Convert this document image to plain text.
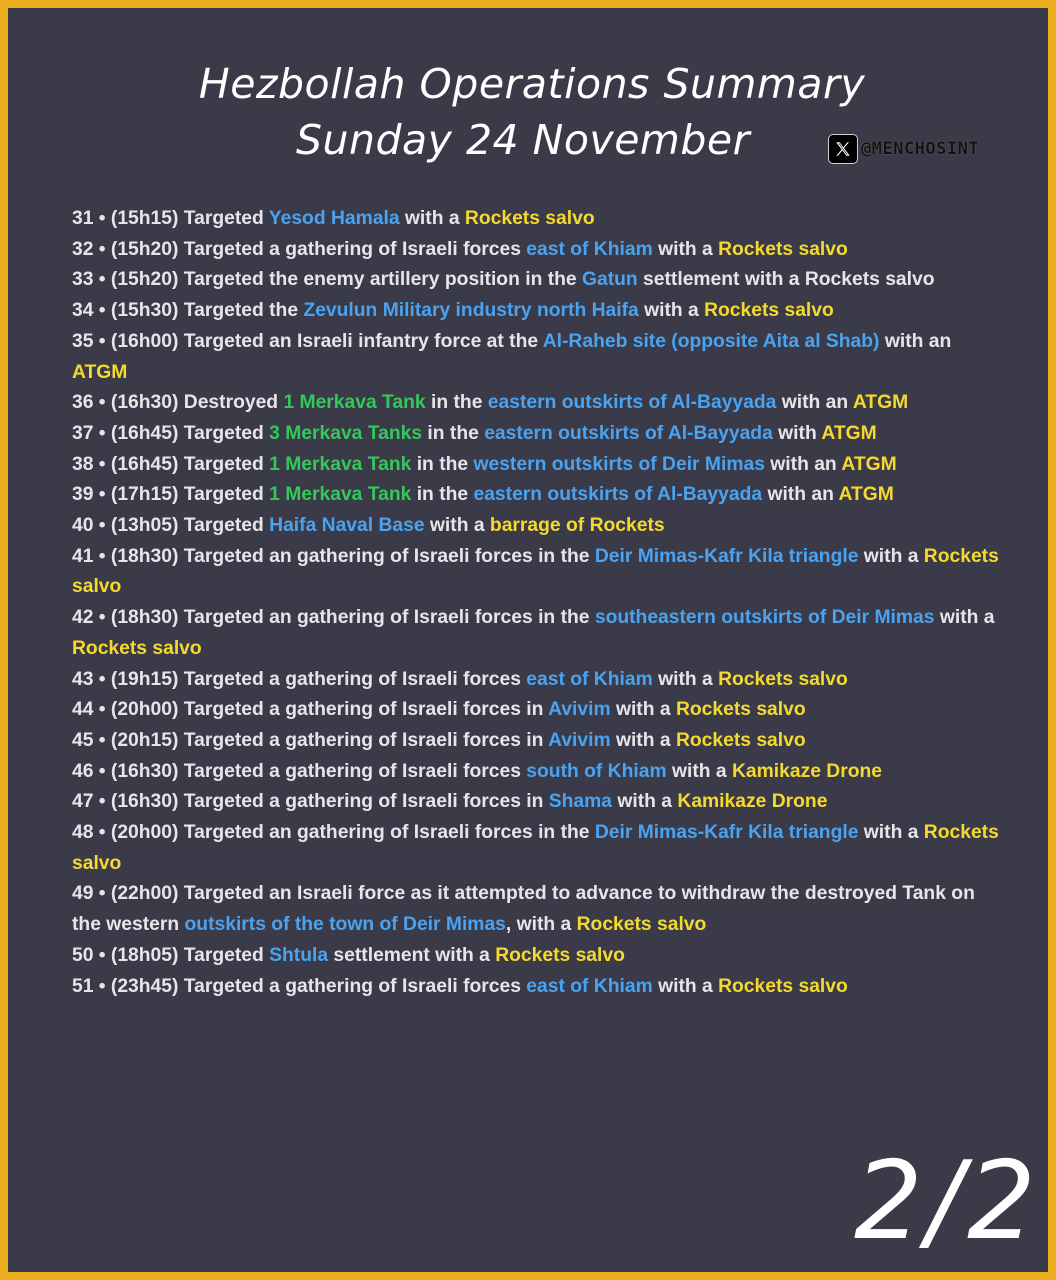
Hezbollah Operations Summary
Sunday 24 November	@MENCHOSINT
31 • (15h15) Targeted Yesod Hamala with a Rockets salvo
32 • (15h20) Targeted a gathering of Israeli forces east of Khiam with a Rockets salvo
33 • (15h20) Targeted the enemy artillery position in the Gatun settlement with a Rockets salvo
34 • (15h30) Targeted the Zevulun Military industry north Haifa with a Rockets salvo
35 • (16h00) Targeted an Israeli infantry force at the Al-Raheb site (opposite Aita al Shab) with an ATGM
36 • (16h30) Destroyed 1 Merkava Tank in the eastern outskirts of Al-Bayyada with an ATGM
37 • (16h45) Targeted 3 Merkava Tanks in the eastern outskirts of Al-Bayyada with ATGM
38 • (16h45) Targeted 1 Merkava Tank in the western outskirts of Deir Mimas with an ATGM
39 • (17h15) Targeted 1 Merkava Tank in the eastern outskirts of Al-Bayyada with an ATGM
40 • (13h05) Targeted Haifa Naval Base with a barrage of Rockets
41 • (18h30) Targeted an gathering of Israeli forces in the Deir Mimas-Kafr Kila triangle with a Rockets salvo
42 • (18h30) Targeted an gathering of Israeli forces in the southeastern outskirts of Deir Mimas with a Rockets salvo
43 • (19h15) Targeted a gathering of Israeli forces east of Khiam with a Rockets salvo
44 • (20h00) Targeted a gathering of Israeli forces in Avivim with a Rockets salvo
45 • (20h15) Targeted a gathering of Israeli forces in Avivim with a Rockets salvo
46 • (16h30) Targeted a gathering of Israeli forces south of Khiam with a Kamikaze Drone
47 • (16h30) Targeted a gathering of Israeli forces in Shama with a Kamikaze Drone
48 • (20h00) Targeted an gathering of Israeli forces in the Deir Mimas-Kafr Kila triangle with a Rockets salvo
49 • (22h00) Targeted an Israeli force as it attempted to advance to withdraw the destroyed Tank on the western outskirts of the town of Deir Mimas, with a Rockets salvo
50 • (18h05) Targeted Shtula settlement with a Rockets salvo
51 • (23h45) Targeted a gathering of Israeli forces east of Khiam with a Rockets salvo
2/2
